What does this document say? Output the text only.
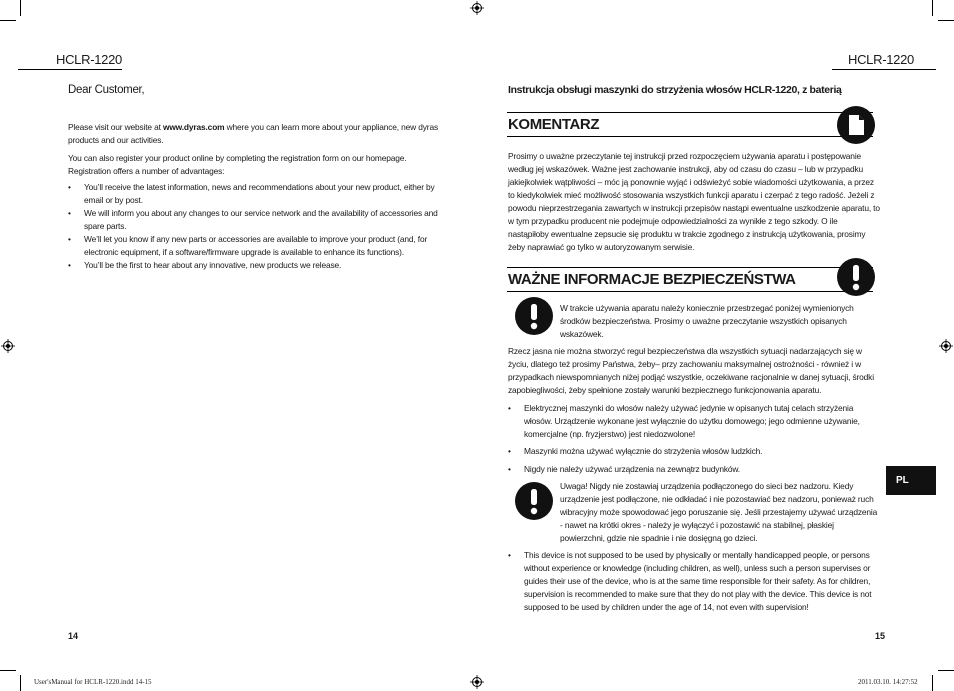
HCLR-1220
Dear Customer,
Please visit our website at www.dyras.com where you can learn more about your appliance, new dyras products and our activities.
You can also register your product online by completing the registration form on our homepage. Registration offers a number of advantages:
• You’ll receive the latest information, news and recommendations about your new product, either by email or by post.
• We will inform you about any changes to our service network and the availability of accessories and spare parts.
• We’ll let you know if any new parts or accessories are available to improve your product (and, for electronic equipment, if a software/firmware upgrade is available to enhance its functions).
• You’ll be the first to hear about any innovative, new products we release.
14
HCLR-1220
Instrukcja obsługi maszynki do strzyżenia włosów HCLR-1220, z baterią
KOMENTARZ
Prosimy o uważne przeczytanie tej instrukcji przed rozpoczęciem używania aparatu i postępowanie według jej wskazówek. Ważne jest zachowanie instrukcji, aby od czasu do czasu – lub w przypadku jakiejkolwiek wątpliwości – móc ją ponownie wyjąć i odświeżyć sobie wiadomości użytkowania, a przez to kiedykolwiek mieć możliwość stosowania wszystkich funkcji aparatu i czerpać z tego radość. Jeżeli z powodu nieprzestrzegania zawartych w instrukcji przepisów nastąpi ewentualne uszkodzenie aparatu, to w tym przypadku producent nie podejmuje odpowiedzialności za wynikłe z tego szkody. O ile nastąpiłoby ewentualne zepsucie się produktu w trakcie zgodnego z instrukcją użytkowania, prosimy żeby naprawiać go tylko w autoryzowanym serwisie.
WAŻNE INFORMACJE BEZPIECZEŃSTWA
W trakcie używania aparatu należy koniecznie przestrzegać poniżej wymienionych środków bezpieczeństwa. Prosimy o uważne przeczytanie wszystkich opisanych wskazówek.
Rzecz jasna nie można stworzyć reguł bezpieczeństwa dla wszystkich sytuacji nadarzających się w życiu, dlatego też prosimy Państwa, żeby– przy zachowaniu maksymalnej ostrożności - również i w przypadkach niewspomnianych niżej podjąć wszystkie, oczekiwane racjonalnie w danej sytuacji, środki zapobiegliwości, żeby spełnione zostały warunki bezpiecznego funkcjonowania aparatu.
• Elektrycznej maszynki do włosów należy używać jedynie w opisanych tutaj celach strzyżenia włosów. Urządzenie wykonane jest wyłącznie do użytku domowego; jego odmienne używanie, komercjalne (np. fryzjerstwo) jest niedozwolone!
• Maszynki można używać wyłącznie do strzyżenia włosów ludzkich.
• Nigdy nie należy używać urządzenia na zewnątrz budynków.
Uwaga! Nigdy nie zostawiaj urządzenia podłączonego do sieci bez nadzoru. Kiedy urządzenie jest podłączone, nie odkładać i nie pozostawiać bez nadzoru, ponieważ ruch wibracyjny może spowodować jego poruszanie się. Jeśli przestajemy używać urządzenia - nawet na krótki okres - należy je wyłączyć i pozostawić na stabilnej, płaskiej powierzchni, gdzie nie spadnie i nie dosięgną go dzieci.
• This device is not supposed to be used by physically or mentally handicapped people, or persons without experience or knowledge (including children, as well), unless such a person supervises or guides their use of the device, who is at the same time responsible for their safety. As for children, supervision is recommended to make sure that they do not play with the device. This device is not supposed to be used by children under the age of 14, not even with supervision!
PL
15
User'sManual for HCLR-1220.indd 14-15	2011.03.10. 14:27:52
